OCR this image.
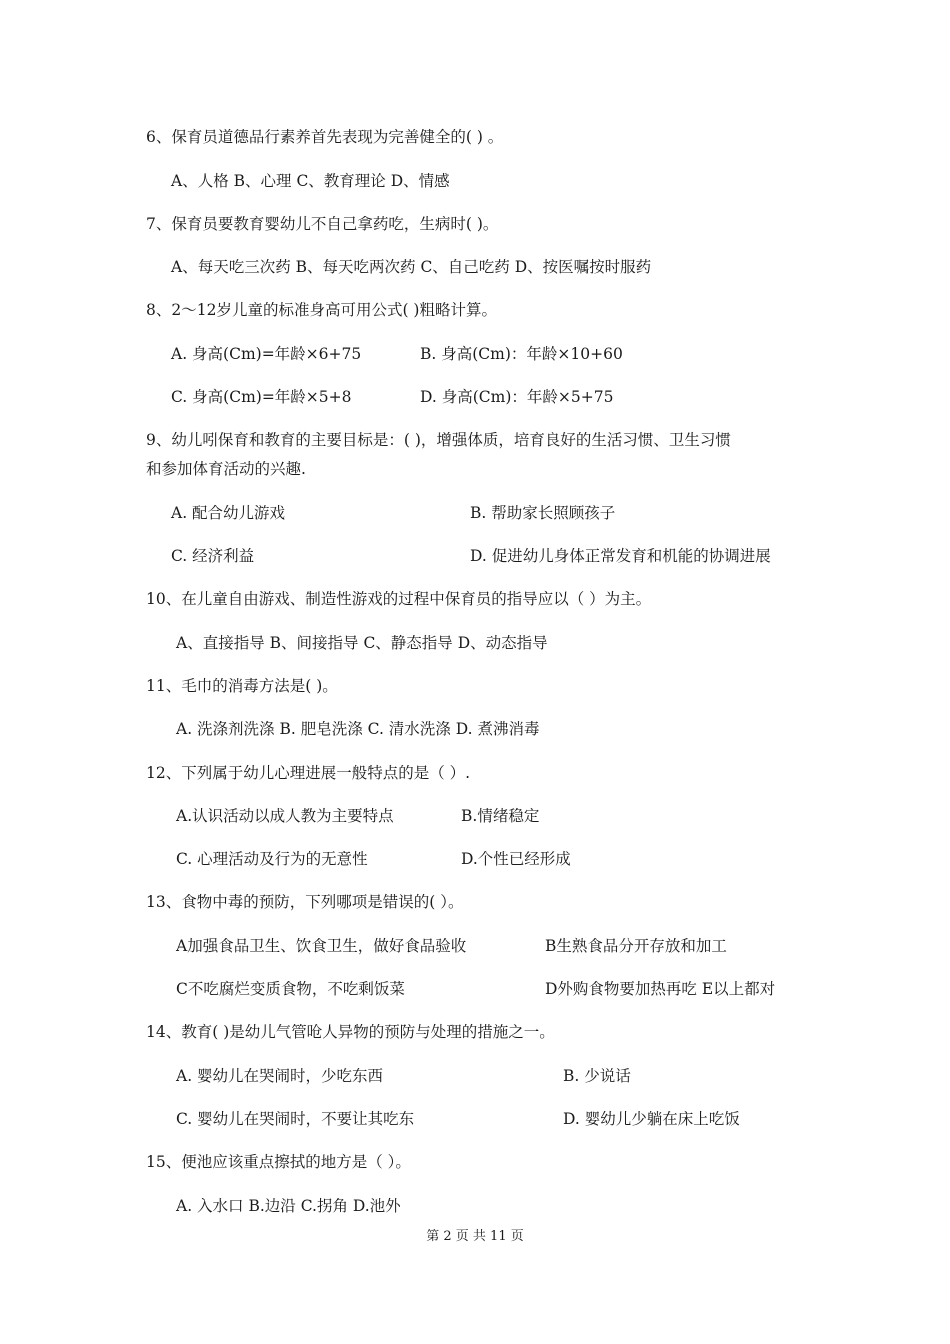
6、保育员道德品行素养首先表现为完善健全的( ) 。
A、人格 B、心理 C、教育理论 D、情感
7、保育员要教育婴幼儿不自己拿药吃，生病时( )。
A、每天吃三次药 B、每天吃两次药 C、自己吃药 D、按医嘱按时服药
8、2～12岁儿童的标准身高可用公式( )粗略计算。
A. 身高(Cm)=年龄×6+75	B. 身高(Cm)：年龄×10+60
C. 身高(Cm)=年龄×5+8	D. 身高(Cm)：年龄×5+75
9、幼儿吲保育和教育的主要目标是：( )，增强体质，培育良好的生活习惯、卫生习惯
和参加体育活动的兴趣.
A. 配合幼儿游戏	B. 帮助家长照顾孩子
C. 经济利益	D. 促进幼儿身体正常发育和机能的协调进展
10、在儿童自由游戏、制造性游戏的过程中保育员的指导应以（ ）为主。
A、直接指导 B、间接指导 C、静态指导 D、动态指导
11、毛巾的消毒方法是( )。
A. 洗涤剂洗涤 B. 肥皂洗涤 C. 清水洗涤 D. 煮沸消毒
12、下列属于幼儿心理进展一般特点的是（ ）.
A.认识活动以成人教为主要特点	B.情绪稳定
C. 心理活动及行为的无意性	D.个性已经形成
13、食物中毒的预防，下列哪项是错误的( ）。
A加强食品卫生、饮食卫生，做好食品验收	B生熟食品分开存放和加工
C不吃腐烂变质食物，不吃剩饭菜	D外购食物要加热再吃 E以上都对
14、教育( )是幼儿气管呛人异物的预防与处理的措施之一。
A. 婴幼儿在哭闹时，少吃东西	B. 少说话
C. 婴幼儿在哭闹时，不要让其吃东	D. 婴幼儿少躺在床上吃饭
15、便池应该重点擦拭的地方是（ ）。
A. 入水口 B.边沿 C.拐角 D.池外
第 2 页 共 11 页
